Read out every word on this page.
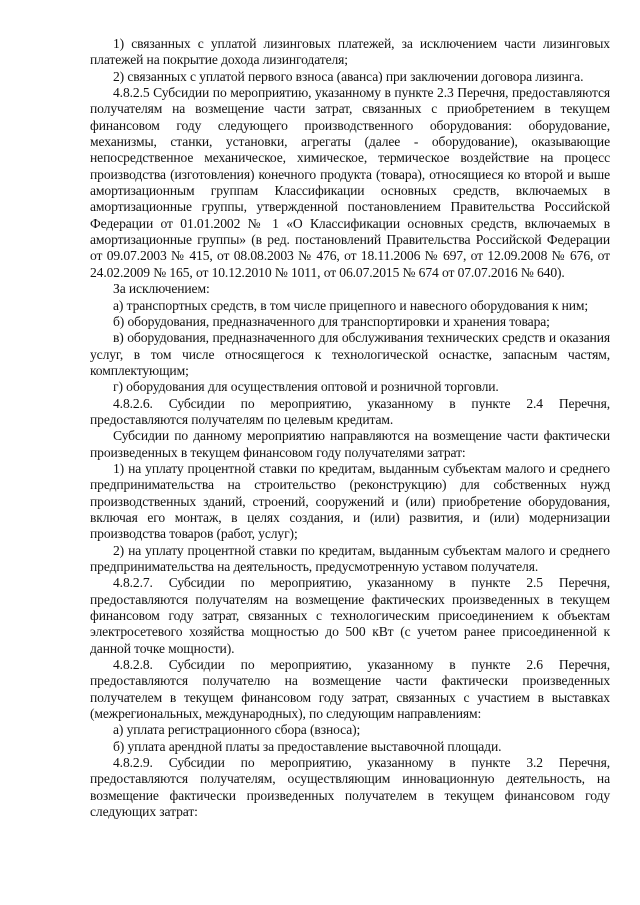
1) связанных с уплатой лизинговых платежей, за исключением части лизинговых платежей на покрытие дохода лизингодателя;

2) связанных с уплатой первого взноса (аванса) при заключении договора лизинга.

4.8.2.5 Субсидии по мероприятию, указанному в пункте 2.3 Перечня, предоставляются получателям на возмещение части затрат, связанных с приобретением в текущем финансовом году следующего производственного оборудования: оборудование, механизмы, станки, установки, агрегаты (далее - оборудование), оказывающие непосредственное механическое, химическое, термическое воздействие на процесс производства (изготовления) конечного продукта (товара), относящиеся ко второй и выше амортизационным группам Классификации основных средств, включаемых в амортизационные группы, утвержденной постановлением Правительства Российской Федерации от 01.01.2002 № 1 «О Классификации основных средств, включаемых в амортизационные группы» (в ред. постановлений Правительства Российской Федерации от 09.07.2003 № 415, от 08.08.2003 № 476, от 18.11.2006 № 697, от 12.09.2008 № 676, от 24.02.2009 № 165, от 10.12.2010 № 1011, от 06.07.2015 № 674 от 07.07.2016 № 640).

За исключением:

а) транспортных средств, в том числе прицепного и навесного оборудования к ним;

б) оборудования, предназначенного для транспортировки и хранения товара;

в) оборудования, предназначенного для обслуживания технических средств и оказания услуг, в том числе относящегося к технологической оснастке, запасным частям, комплектующим;

г) оборудования для осуществления оптовой и розничной торговли.

4.8.2.6. Субсидии по мероприятию, указанному в пункте 2.4 Перечня, предоставляются получателям по целевым кредитам.

Субсидии по данному мероприятию направляются на возмещение части фактически произведенных в текущем финансовом году получателями затрат:

1) на уплату процентной ставки по кредитам, выданным субъектам малого и среднего предпринимательства на строительство (реконструкцию) для собственных нужд производственных зданий, строений, сооружений и (или) приобретение оборудования, включая его монтаж, в целях создания, и (или) развития, и (или) модернизации производства товаров (работ, услуг);

2) на уплату процентной ставки по кредитам, выданным субъектам малого и среднего предпринимательства на деятельность, предусмотренную уставом получателя.

4.8.2.7. Субсидии по мероприятию, указанному в пункте 2.5 Перечня, предоставляются получателям на возмещение фактических произведенных в текущем финансовом году затрат, связанных с технологическим присоединением к объектам электросетевого хозяйства мощностью до 500 кВт (с учетом ранее присоединенной к данной точке мощности).

4.8.2.8. Субсидии по мероприятию, указанному в пункте 2.6 Перечня, предоставляются получателю на возмещение части фактически произведенных получателем в текущем финансовом году затрат, связанных с участием в выставках (межрегиональных, международных), по следующим направлениям:

а) уплата регистрационного сбора (взноса);

б) уплата арендной платы за предоставление выставочной площади.

4.8.2.9. Субсидии по мероприятию, указанному в пункте 3.2 Перечня, предоставляются получателям, осуществляющим инновационную деятельность, на возмещение фактически произведенных получателем в текущем финансовом году следующих затрат:
